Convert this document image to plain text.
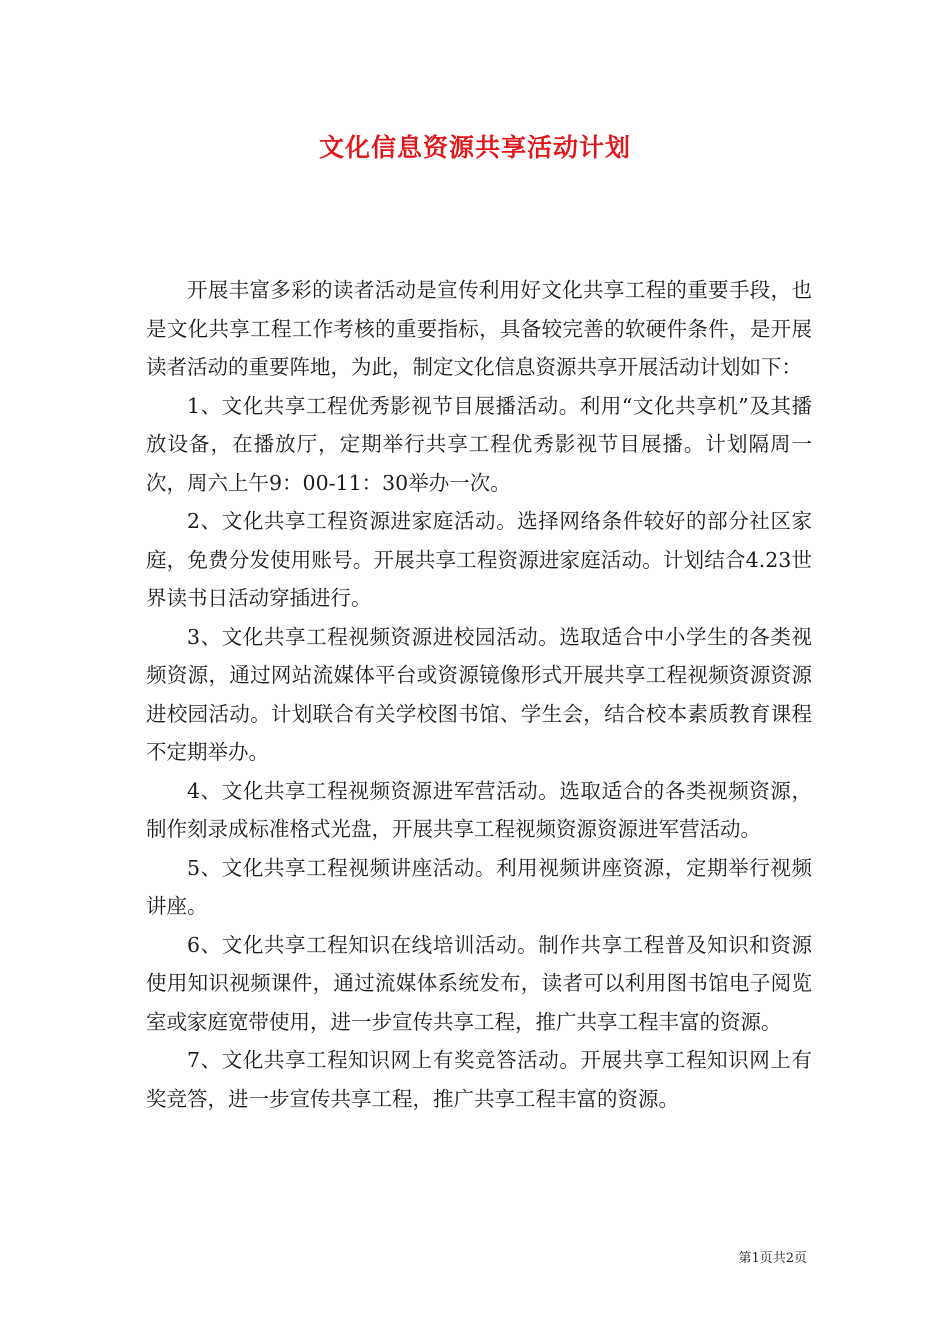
文化信息资源共享活动计划

开展丰富多彩的读者活动是宣传利用好文化共享工程的重要手段，也是文化共享工程工作考核的重要指标，具备较完善的软硬件条件，是开展读者活动的重要阵地，为此，制定文化信息资源共享开展活动计划如下：

1、文化共享工程优秀影视节目展播活动。利用“文化共享机”及其播放设备，在播放厅，定期举行共享工程优秀影视节目展播。计划隔周一次，周六上午9：00-11：30举办一次。

2、文化共享工程资源进家庭活动。选择网络条件较好的部分社区家庭，免费分发使用账号。开展共享工程资源进家庭活动。计划结合4.23世界读书日活动穿插进行。

3、文化共享工程视频资源进校园活动。选取适合中小学生的各类视频资源，通过网站流媒体平台或资源镜像形式开展共享工程视频资源资源进校园活动。计划联合有关学校图书馆、学生会，结合校本素质教育课程不定期举办。

4、文化共享工程视频资源进军营活动。选取适合的各类视频资源，制作刻录成标准格式光盘，开展共享工程视频资源资源进军营活动。

5、文化共享工程视频讲座活动。利用视频讲座资源，定期举行视频讲座。

6、文化共享工程知识在线培训活动。制作共享工程普及知识和资源使用知识视频课件，通过流媒体系统发布，读者可以利用图书馆电子阅览室或家庭宽带使用，进一步宣传共享工程，推广共享工程丰富的资源。

7、文化共享工程知识网上有奖竞答活动。开展共享工程知识网上有奖竞答，进一步宣传共享工程，推广共享工程丰富的资源。

第1页共2页
